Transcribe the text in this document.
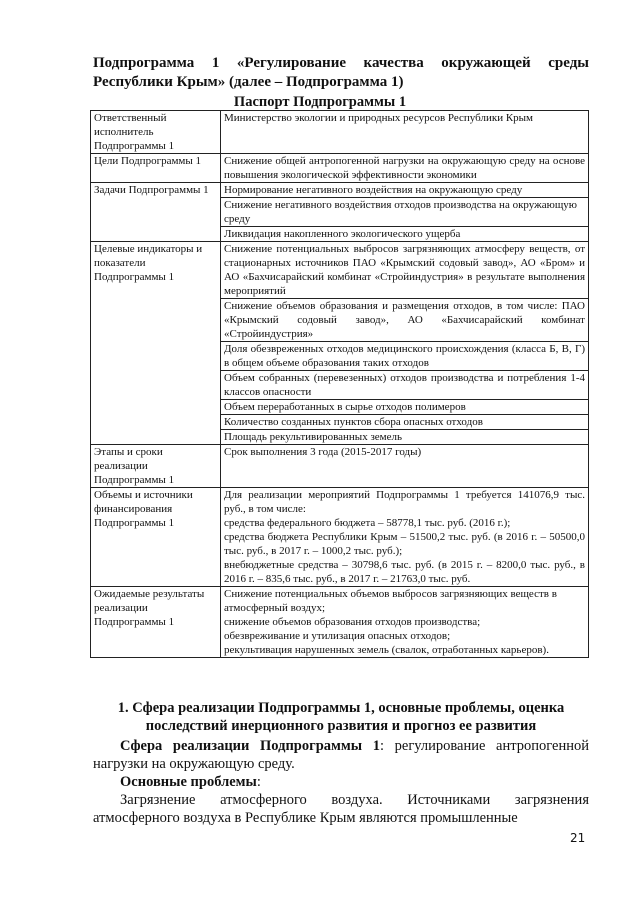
Подпрограмма 1 «Регулирование качества окружающей среды
Республики Крым» (далее – Подпрограмма 1)
Паспорт Подпрограммы 1
Ответственный исполнитель Подпрограммы 1	Министерство экологии и природных ресурсов Республики Крым
Цели Подпрограммы 1	Снижение общей антропогенной нагрузки на окружающую среду на основе повышения экологической эффективности экономики
Задачи Подпрограммы 1	Нормирование негативного воздействия на окружающую среду
	Снижение негативного воздействия отходов производства на окружающую среду
	Ликвидация накопленного экологического ущерба
Целевые индикаторы и показатели Подпрограммы 1	Снижение потенциальных выбросов загрязняющих атмосферу веществ, от стационарных источников ПАО «Крымский содовый завод», АО «Бром» и АО «Бахчисарайский комбинат «Стройиндустрия» в результате выполнения мероприятий
	Снижение объемов образования и размещения отходов, в том числе: ПАО «Крымский содовый завод», АО «Бахчисарайский комбинат «Стройиндустрия»
	Доля обезвреженных отходов медицинского происхождения (класса Б, В, Г) в общем объеме образования таких отходов
	Объем собранных (перевезенных) отходов производства и потребления 1-4 классов опасности
	Объем переработанных в сырье отходов полимеров
	Количество созданных пунктов сбора опасных отходов
	Площадь рекультивированных земель
Этапы и сроки реализации Подпрограммы 1	Срок выполнения 3 года (2015-2017 годы)
Объемы и источники финансирования Подпрограммы 1	Для реализации мероприятий Подпрограммы 1 требуется 141076,9 тыс. руб., в том числе:
средства федерального бюджета – 58778,1 тыс. руб. (2016 г.);
средства бюджета Республики Крым – 51500,2 тыс. руб. (в 2016 г. – 50500,0 тыс. руб., в 2017 г. – 1000,2 тыс. руб.);
внебюджетные средства – 30798,6 тыс. руб. (в 2015 г. – 8200,0 тыс. руб., в 2016 г. – 835,6 тыс. руб., в 2017 г. – 21763,0 тыс. руб.

Ожидаемые результаты реализации Подпрограммы 1	Снижение потенциальных объемов выбросов загрязняющих веществ в атмосферный воздух;
снижение объемов образования отходов производства;
обезвреживание и утилизация опасных отходов;
рекультивация нарушенных земель (свалок, отработанных карьеров).
1. Сфера реализации Подпрограммы 1, основные проблемы, оценка последствий инерционного развития и прогноз ее развития
Сфера реализации Подпрограммы 1: регулирование антропогенной нагрузки на окружающую среду.
Основные проблемы:
Загрязнение атмосферного воздуха. Источниками загрязнения атмосферного воздуха в Республике Крым являются промышленные
21
